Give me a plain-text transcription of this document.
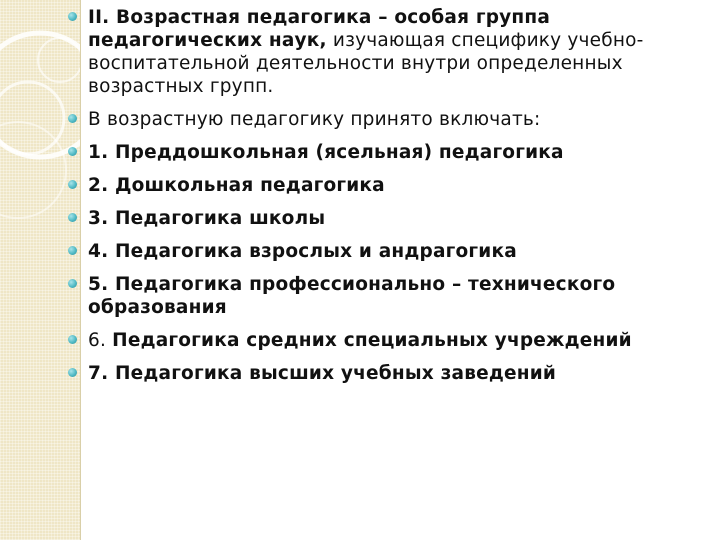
II. Возрастная педагогика – особая группа педагогических наук, изучающая специфику учебно-воспитательной деятельности внутри определенных возрастных групп.
В возрастную педагогику принято включать:
1. Преддошкольная (ясельная) педагогика
2. Дошкольная педагогика
3. Педагогика школы
4. Педагогика взрослых и андрагогика
5. Педагогика профессионально – технического образования
6. Педагогика средних специальных учреждений
7. Педагогика высших учебных заведений
